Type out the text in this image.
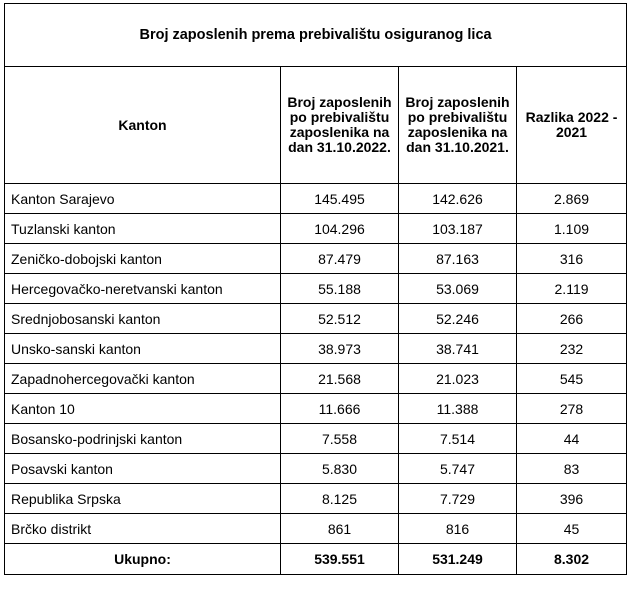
Broj zaposlenih prema prebivalištu osiguranog lica			
Kanton	Broj zaposlenih po prebivalištu zaposlenika na dan 31.10.2022.	Broj zaposlenih po prebivalištu zaposlenika na dan 31.10.2021.	Razlika 2022 - 2021
Kanton Sarajevo	145.495	142.626	2.869
Tuzlanski kanton	104.296	103.187	1.109
Zeničko-dobojski kanton	87.479	87.163	316
Hercegovačko-neretvanski kanton	55.188	53.069	2.119
Srednjobosanski kanton	52.512	52.246	266
Unsko-sanski kanton	38.973	38.741	232
Zapadnohercegovački kanton	21.568	21.023	545
Kanton 10	11.666	11.388	278
Bosansko-podrinjski kanton	7.558	7.514	44
Posavski kanton	5.830	5.747	83
Republika Srpska	8.125	7.729	396
Brčko distrikt	861	816	45
Ukupno:	539.551	531.249	8.302
